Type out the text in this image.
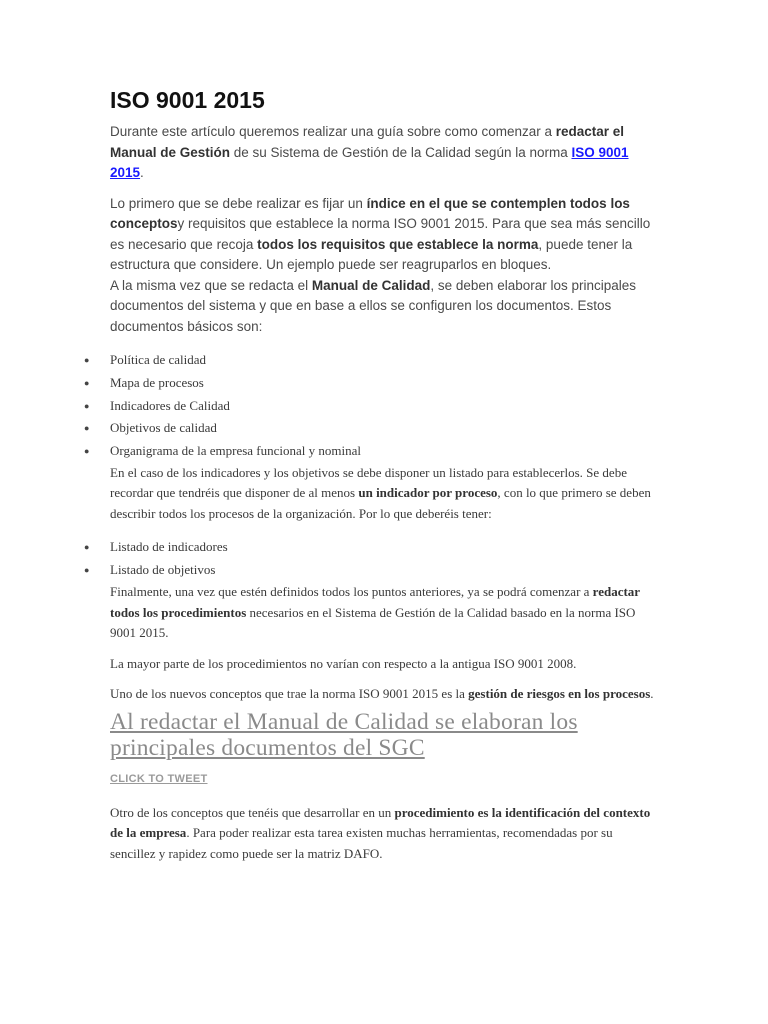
ISO 9001 2015

Durante este artículo queremos realizar una guía sobre como comenzar a redactar el Manual de Gestión de su Sistema de Gestión de la Calidad según la norma ISO 9001 2015.

Lo primero que se debe realizar es fijar un índice en el que se contemplen todos los conceptosy requisitos que establece la norma ISO 9001 2015. Para que sea más sencillo es necesario que recoja todos los requisitos que establece la norma, puede tener la estructura que considere. Un ejemplo puede ser reagruparlos en bloques.

A la misma vez que se redacta el Manual de Calidad, se deben elaborar los principales documentos del sistema y que en base a ellos se configuren los documentos. Estos documentos básicos son:

● Política de calidad
● Mapa de procesos
● Indicadores de Calidad
● Objetivos de calidad
● Organigrama de la empresa funcional y nominal

En el caso de los indicadores y los objetivos se debe disponer un listado para establecerlos. Se debe recordar que tendréis que disponer de al menos un indicador por proceso, con lo que primero se deben describir todos los procesos de la organización. Por lo que deberéis tener:

● Listado de indicadores
● Listado de objetivos

Finalmente, una vez que estén definidos todos los puntos anteriores, ya se podrá comenzar a redactar todos los procedimientos necesarios en el Sistema de Gestión de la Calidad basado en la norma ISO 9001 2015.

La mayor parte de los procedimientos no varían con respecto a la antigua ISO 9001 2008.

Uno de los nuevos conceptos que trae la norma ISO 9001 2015 es la gestión de riesgos en los procesos.

Al redactar el Manual de Calidad se elaboran los principales documentos del SGC

CLICK TO TWEET

Otro de los conceptos que tenéis que desarrollar en un procedimiento es la identificación del contexto de la empresa. Para poder realizar esta tarea existen muchas herramientas, recomendadas por su sencillez y rapidez como puede ser la matriz DAFO.
